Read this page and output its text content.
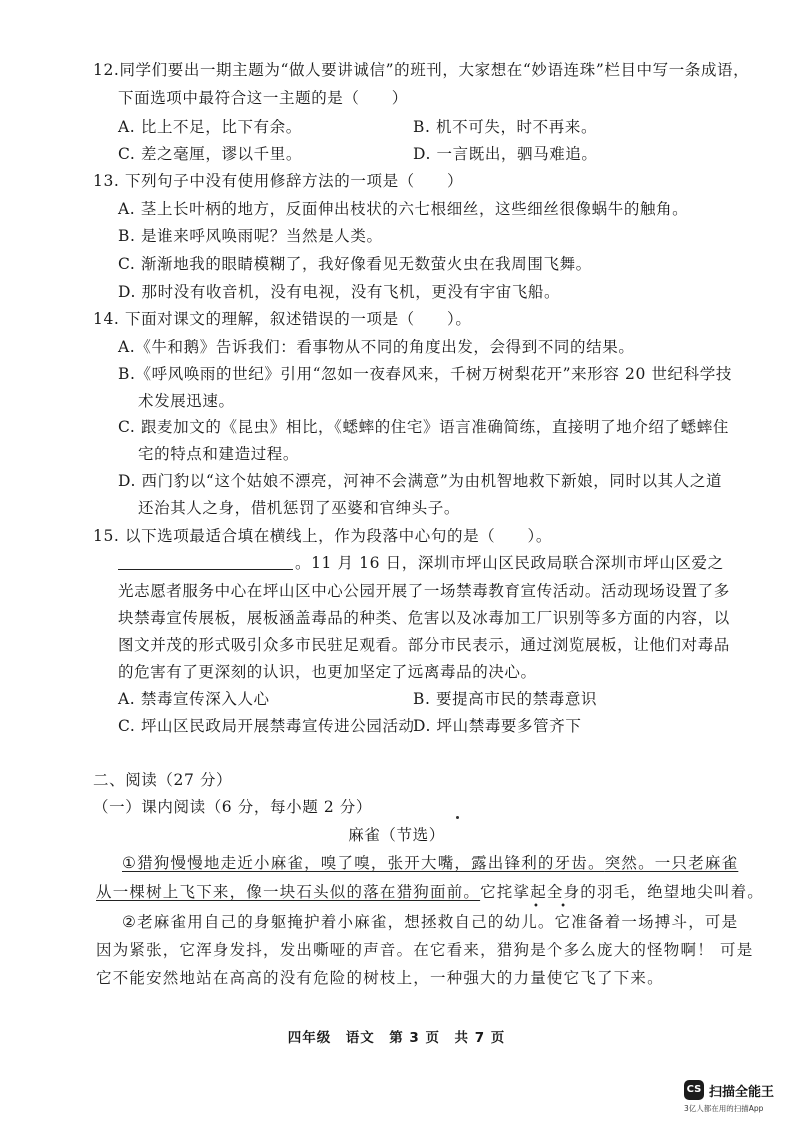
12.同学们要出一期主题为“做人要讲诚信”的班刊，大家想在“妙语连珠”栏目中写一条成语，
下面选项中最符合这一主题的是（　　）
A. 比上不足，比下有余。	B. 机不可失，时不再来。
C. 差之毫厘，谬以千里。	D. 一言既出，驷马难追。
13. 下列句子中没有使用修辞方法的一项是（　　）
A. 茎上长叶柄的地方，反面伸出枝状的六七根细丝，这些细丝很像蜗牛的触角。
B. 是谁来呼风唤雨呢？当然是人类。
C. 渐渐地我的眼睛模糊了，我好像看见无数萤火虫在我周围飞舞。
D. 那时没有收音机，没有电视，没有飞机，更没有宇宙飞船。
14. 下面对课文的理解，叙述错误的一项是（　　）。
A.《牛和鹅》告诉我们：看事物从不同的角度出发，会得到不同的结果。
B.《呼风唤雨的世纪》引用“忽如一夜春风来，千树万树梨花开”来形容 20 世纪科学技
术发展迅速。
C. 跟麦加文的《昆虫》相比，《蟋蟀的住宅》语言准确简练，直接明了地介绍了蟋蟀住
宅的特点和建造过程。
D. 西门豹以“这个姑娘不漂亮，河神不会满意”为由机智地救下新娘，同时以其人之道
还治其人之身，借机惩罚了巫婆和官绅头子。
15. 以下选项最适合填在横线上，作为段落中心句的是（　　）。
。11 月 16 日，深圳市坪山区民政局联合深圳市坪山区爱之
光志愿者服务中心在坪山区中心公园开展了一场禁毒教育宣传活动。活动现场设置了多
块禁毒宣传展板，展板涵盖毒品的种类、危害以及冰毒加工厂识别等多方面的内容，以
图文并茂的形式吸引众多市民驻足观看。部分市民表示，通过浏览展板，让他们对毒品
的危害有了更深刻的认识，也更加坚定了远离毒品的决心。
A. 禁毒宣传深入人心	B. 要提高市民的禁毒意识
C. 坪山区民政局开展禁毒宣传进公园活动
D. 坪山禁毒要多管齐下
二、阅读（27 分）
（一）课内阅读（6 分，每小题 2 分）
麻雀（节选）
①猎狗慢慢地走近小麻雀，嗅了嗅，张开大嘴，露出锋利的牙齿。突然。一只老麻雀
从一棵树上飞下来，像一块石头似的落在猎狗面前。它挓挲起全身的羽毛，绝望地尖叫着。
• •
②老麻雀用自己的身躯掩护着小麻雀，想拯救自己的幼儿。它准备着一场搏斗，可是
因为紧张，它浑身发抖，发出嘶哑的声音。在它看来，猎狗是个多么庞大的怪物啊！ 可是
它不能安然地站在高高的没有危险的树枝上，一种强大的力量使它飞了下来。
四年级　语文　第 3 页　共 7 页
CS 扫描全能王
3亿人都在用的扫描App
